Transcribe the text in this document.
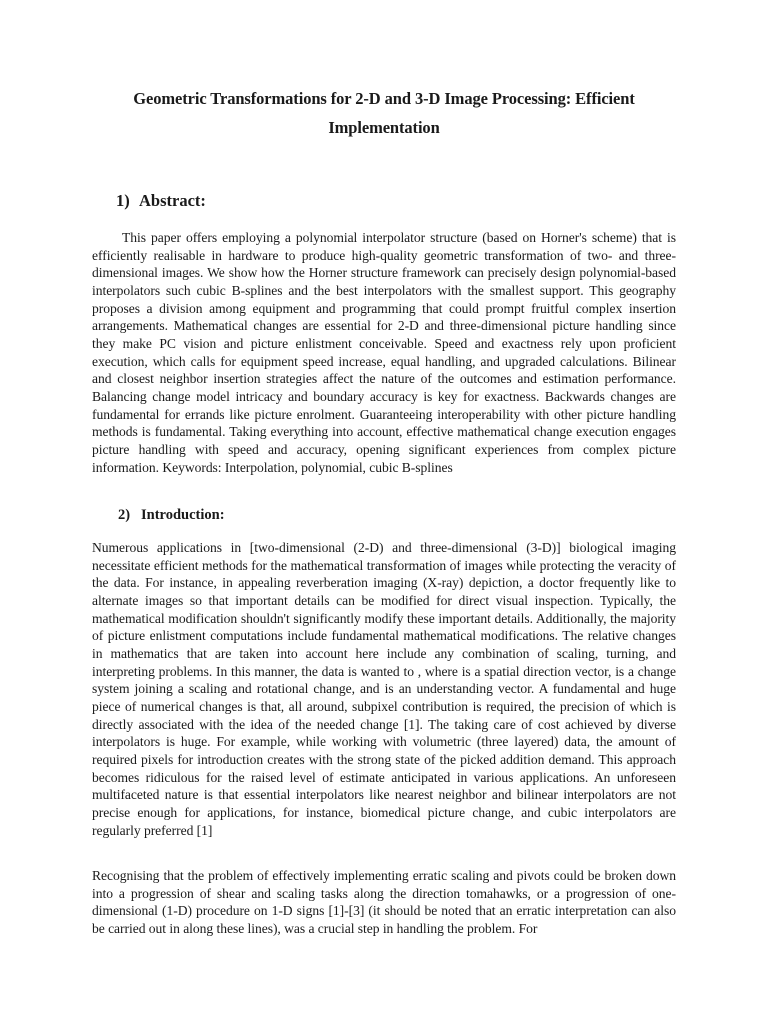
Geometric Transformations for 2-D and 3-D Image Processing: Efficient
Implementation
1) Abstract:

This paper offers employing a polynomial interpolator structure (based on Horner's scheme) that is efficiently realisable in hardware to produce high-quality geometric transformation of two- and three-dimensional images. We show how the Horner structure framework can precisely design polynomial-based interpolators such cubic B-splines and the best interpolators with the smallest support. This geography proposes a division among equipment and programming that could prompt fruitful complex insertion arrangements. Mathematical changes are essential for 2-D and three-dimensional picture handling since they make PC vision and picture enlistment conceivable. Speed and exactness rely upon proficient execution, which calls for equipment speed increase, equal handling, and upgraded calculations. Bilinear and closest neighbor insertion strategies affect the nature of the outcomes and estimation performance. Balancing change model intricacy and boundary accuracy is key for exactness. Backwards changes are fundamental for errands like picture enrolment. Guaranteeing interoperability with other picture handling methods is fundamental. Taking everything into account, effective mathematical change execution engages picture handling with speed and accuracy, opening significant experiences from complex picture information. Keywords: Interpolation, polynomial, cubic B-splines

2) Introduction:

Numerous applications in [two-dimensional (2-D) and three-dimensional (3-D)] biological imaging necessitate efficient methods for the mathematical transformation of images while protecting the veracity of the data. For instance, in appealing reverberation imaging (X-ray) depiction, a doctor frequently like to alternate images so that important details can be modified for direct visual inspection. Typically, the mathematical modification shouldn't significantly modify these important details. Additionally, the majority of picture enlistment computations include fundamental mathematical modifications. The relative changes in mathematics that are taken into account here include any combination of scaling, turning, and interpreting problems. In this manner, the data is wanted to , where is a spatial direction vector, is a change system joining a scaling and rotational change, and is an understanding vector. A fundamental and huge piece of numerical changes is that, all around, subpixel contribution is required, the precision of which is directly associated with the idea of the needed change [1]. The taking care of cost achieved by diverse interpolators is huge. For example, while working with volumetric (three layered) data, the amount of required pixels for introduction creates with the strong state of the picked addition demand. This approach becomes ridiculous for the raised level of estimate anticipated in various applications. An unforeseen multifaceted nature is that essential interpolators like nearest neighbor and bilinear interpolators are not precise enough for applications, for instance, biomedical picture change, and cubic interpolators are regularly preferred [1]

Recognising that the problem of effectively implementing erratic scaling and pivots could be broken down into a progression of shear and scaling tasks along the direction tomahawks, or a progression of one-dimensional (1-D) procedure on 1-D signs [1]-[3] (it should be noted that an erratic interpretation can also be carried out in along these lines), was a crucial step in handling the problem. For
